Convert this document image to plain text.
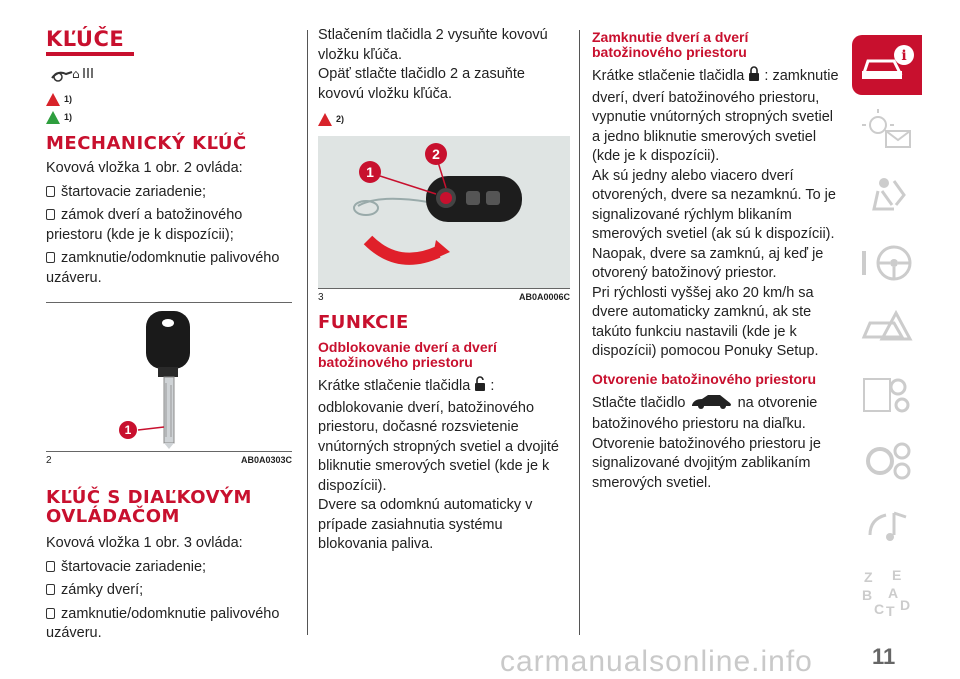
KĽÚČE
⌂
1)
1)
MECHANICKÝ KĽÚČ

Kovová vložka 1 obr. 2 ovláda:

štartovacie zariadenie;
zámok dverí a batožinového priestoru (kde je k dispozícii);
zamknutie/odomknutie palivového uzáveru.
1
2	AB0A0303C
KĽÚČ S DIAĽKOVÝM OVLÁDAČOM

Kovová vložka 1 obr. 3 ovláda:

štartovacie zariadenie;
zámky dverí;
zamknutie/odomknutie palivového uzáveru.

Stlačením tlačidla 2 vysuňte kovovú vložku kľúča.

Opäť stlačte tlačidlo 2 a zasuňte kovovú vložku kľúča.

2)
1
2
3	AB0A0006C
FUNKCIE
Odblokovanie dverí a dverí batožinového priestoru

Krátke stlačenie tlačidla : odblokovanie dverí, batožinového priestoru, dočasné rozsvietenie vnútorných stropných svetiel a dvojité bliknutie smerových svetiel (kde je k dispozícii).

Dvere sa odomknú automaticky v prípade zasiahnutia systému blokovania paliva.

Zamknutie dverí a dverí batožinového priestoru

Krátke stlačenie tlačidla : zamknutie dverí, dverí batožinového priestoru, vypnutie vnútorných stropných svetiel a jedno bliknutie smerových svetiel (kde je k dispozícii).

Ak sú jedny alebo viacero dverí otvorených, dvere sa nezamknú. To je signalizované rýchlym blikaním smerových svetiel (ak sú k dispozícii).

Naopak, dvere sa zamknú, aj keď je otvorený batožinový priestor.

Pri rýchlosti vyššej ako 20 km/h sa dvere automaticky zamknú, ak ste takúto funkciu nastavili (kde je k dispozícii) pomocou Ponuky Setup.

Otvorenie batožinového priestoru

Stlačte tlačidlo	na otvorenie batožinového priestoru na diaľku.

Otvorenie batožinového priestoru je signalizované dvojitým zablikaním smerových svetiel.

i
Z E
B A
C T D
carmanualsonline.info	11
